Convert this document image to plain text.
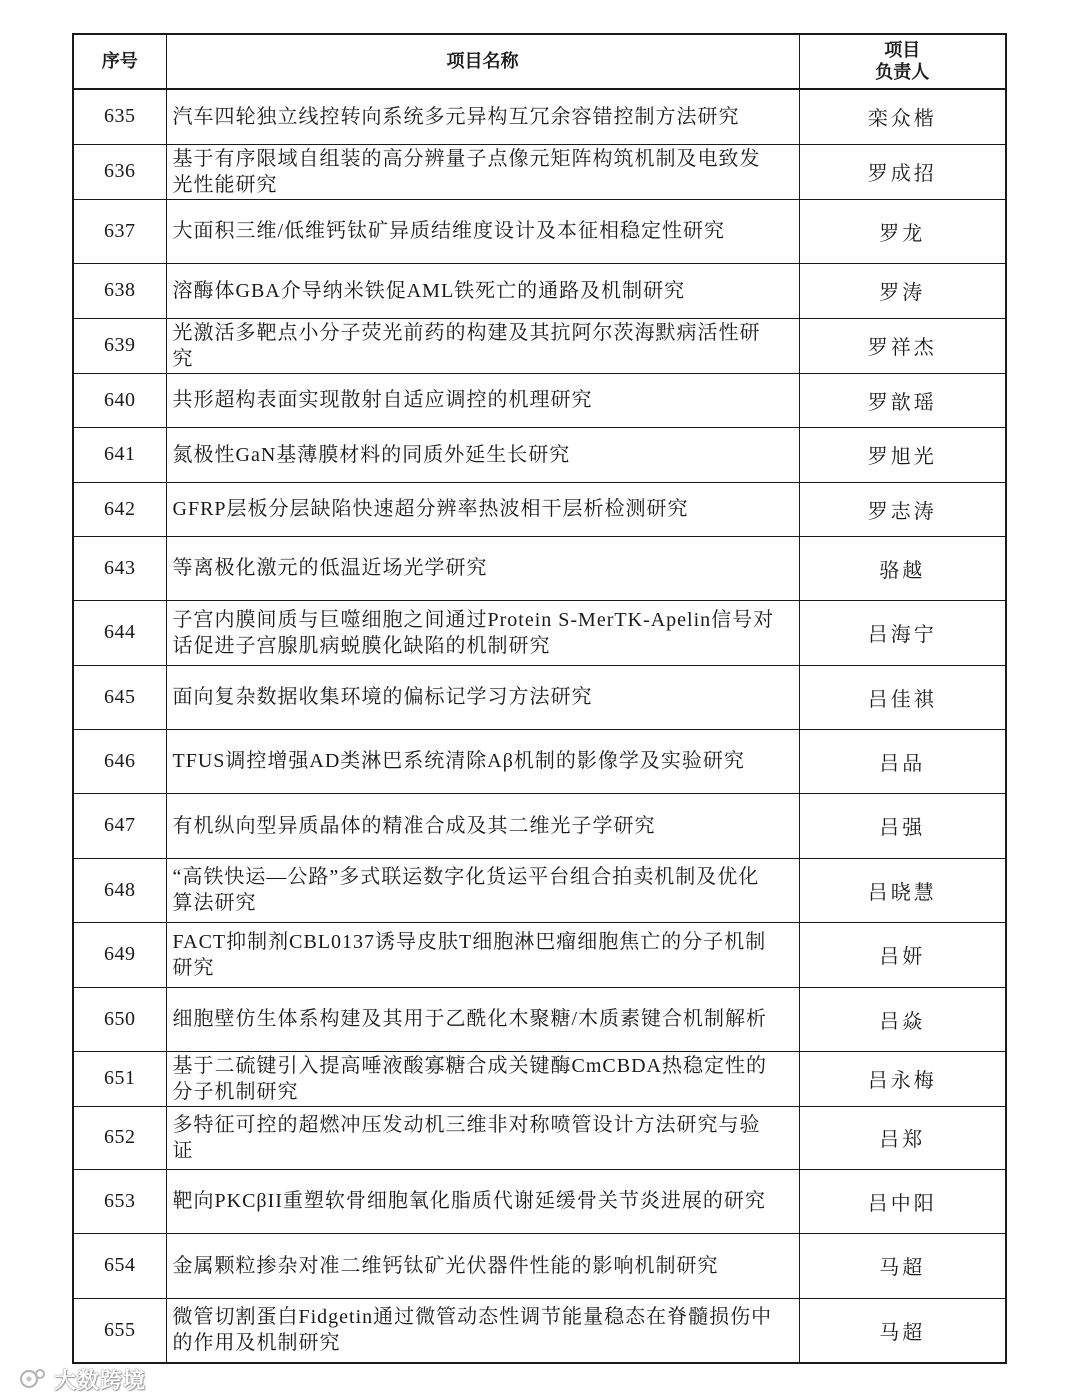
序号	项目名称	项目
负责人

635	汽车四轮独立线控转向系统多元异构互冗余容错控制方法研究	栾众楷
636	基于有序限域自组装的高分辨量子点像元矩阵构筑机制及电致发
光性能研究	罗成招
637	大面积三维/低维钙钛矿异质结维度设计及本征相稳定性研究	罗龙
638	溶酶体GBA介导纳米铁促AML铁死亡的通路及机制研究	罗涛
639	光激活多靶点小分子荧光前药的构建及其抗阿尔茨海默病活性研
究	罗祥杰
640	共形超构表面实现散射自适应调控的机理研究	罗歆瑶
641	氮极性GaN基薄膜材料的同质外延生长研究	罗旭光
642	GFRP层板分层缺陷快速超分辨率热波相干层析检测研究	罗志涛
643	等离极化激元的低温近场光学研究	骆越
644	子宫内膜间质与巨噬细胞之间通过Protein S-MerTK-Apelin信号对
话促进子宫腺肌病蜕膜化缺陷的机制研究	吕海宁
645	面向复杂数据收集环境的偏标记学习方法研究	吕佳祺
646	TFUS调控增强AD类淋巴系统清除Aβ机制的影像学及实验研究	吕品
647	有机纵向型异质晶体的精准合成及其二维光子学研究	吕强
648	“高铁快运—公路”多式联运数字化货运平台组合拍卖机制及优化
算法研究	吕晓慧
649	FACT抑制剂CBL0137诱导皮肤T细胞淋巴瘤细胞焦亡的分子机制
研究	吕妍
650	细胞壁仿生体系构建及其用于乙酰化木聚糖/木质素键合机制解析	吕焱
651	基于二硫键引入提高唾液酸寡糖合成关键酶CmCBDA热稳定性的
分子机制研究	吕永梅
652	多特征可控的超燃冲压发动机三维非对称喷管设计方法研究与验
证	吕郑
653	靶向PKCβII重塑软骨细胞氧化脂质代谢延缓骨关节炎进展的研究	吕中阳
654	金属颗粒掺杂对准二维钙钛矿光伏器件性能的影响机制研究	马超
655	微管切割蛋白Fidgetin通过微管动态性调节能量稳态在脊髓损伤中
的作用及机制研究	马超
大数跨境
